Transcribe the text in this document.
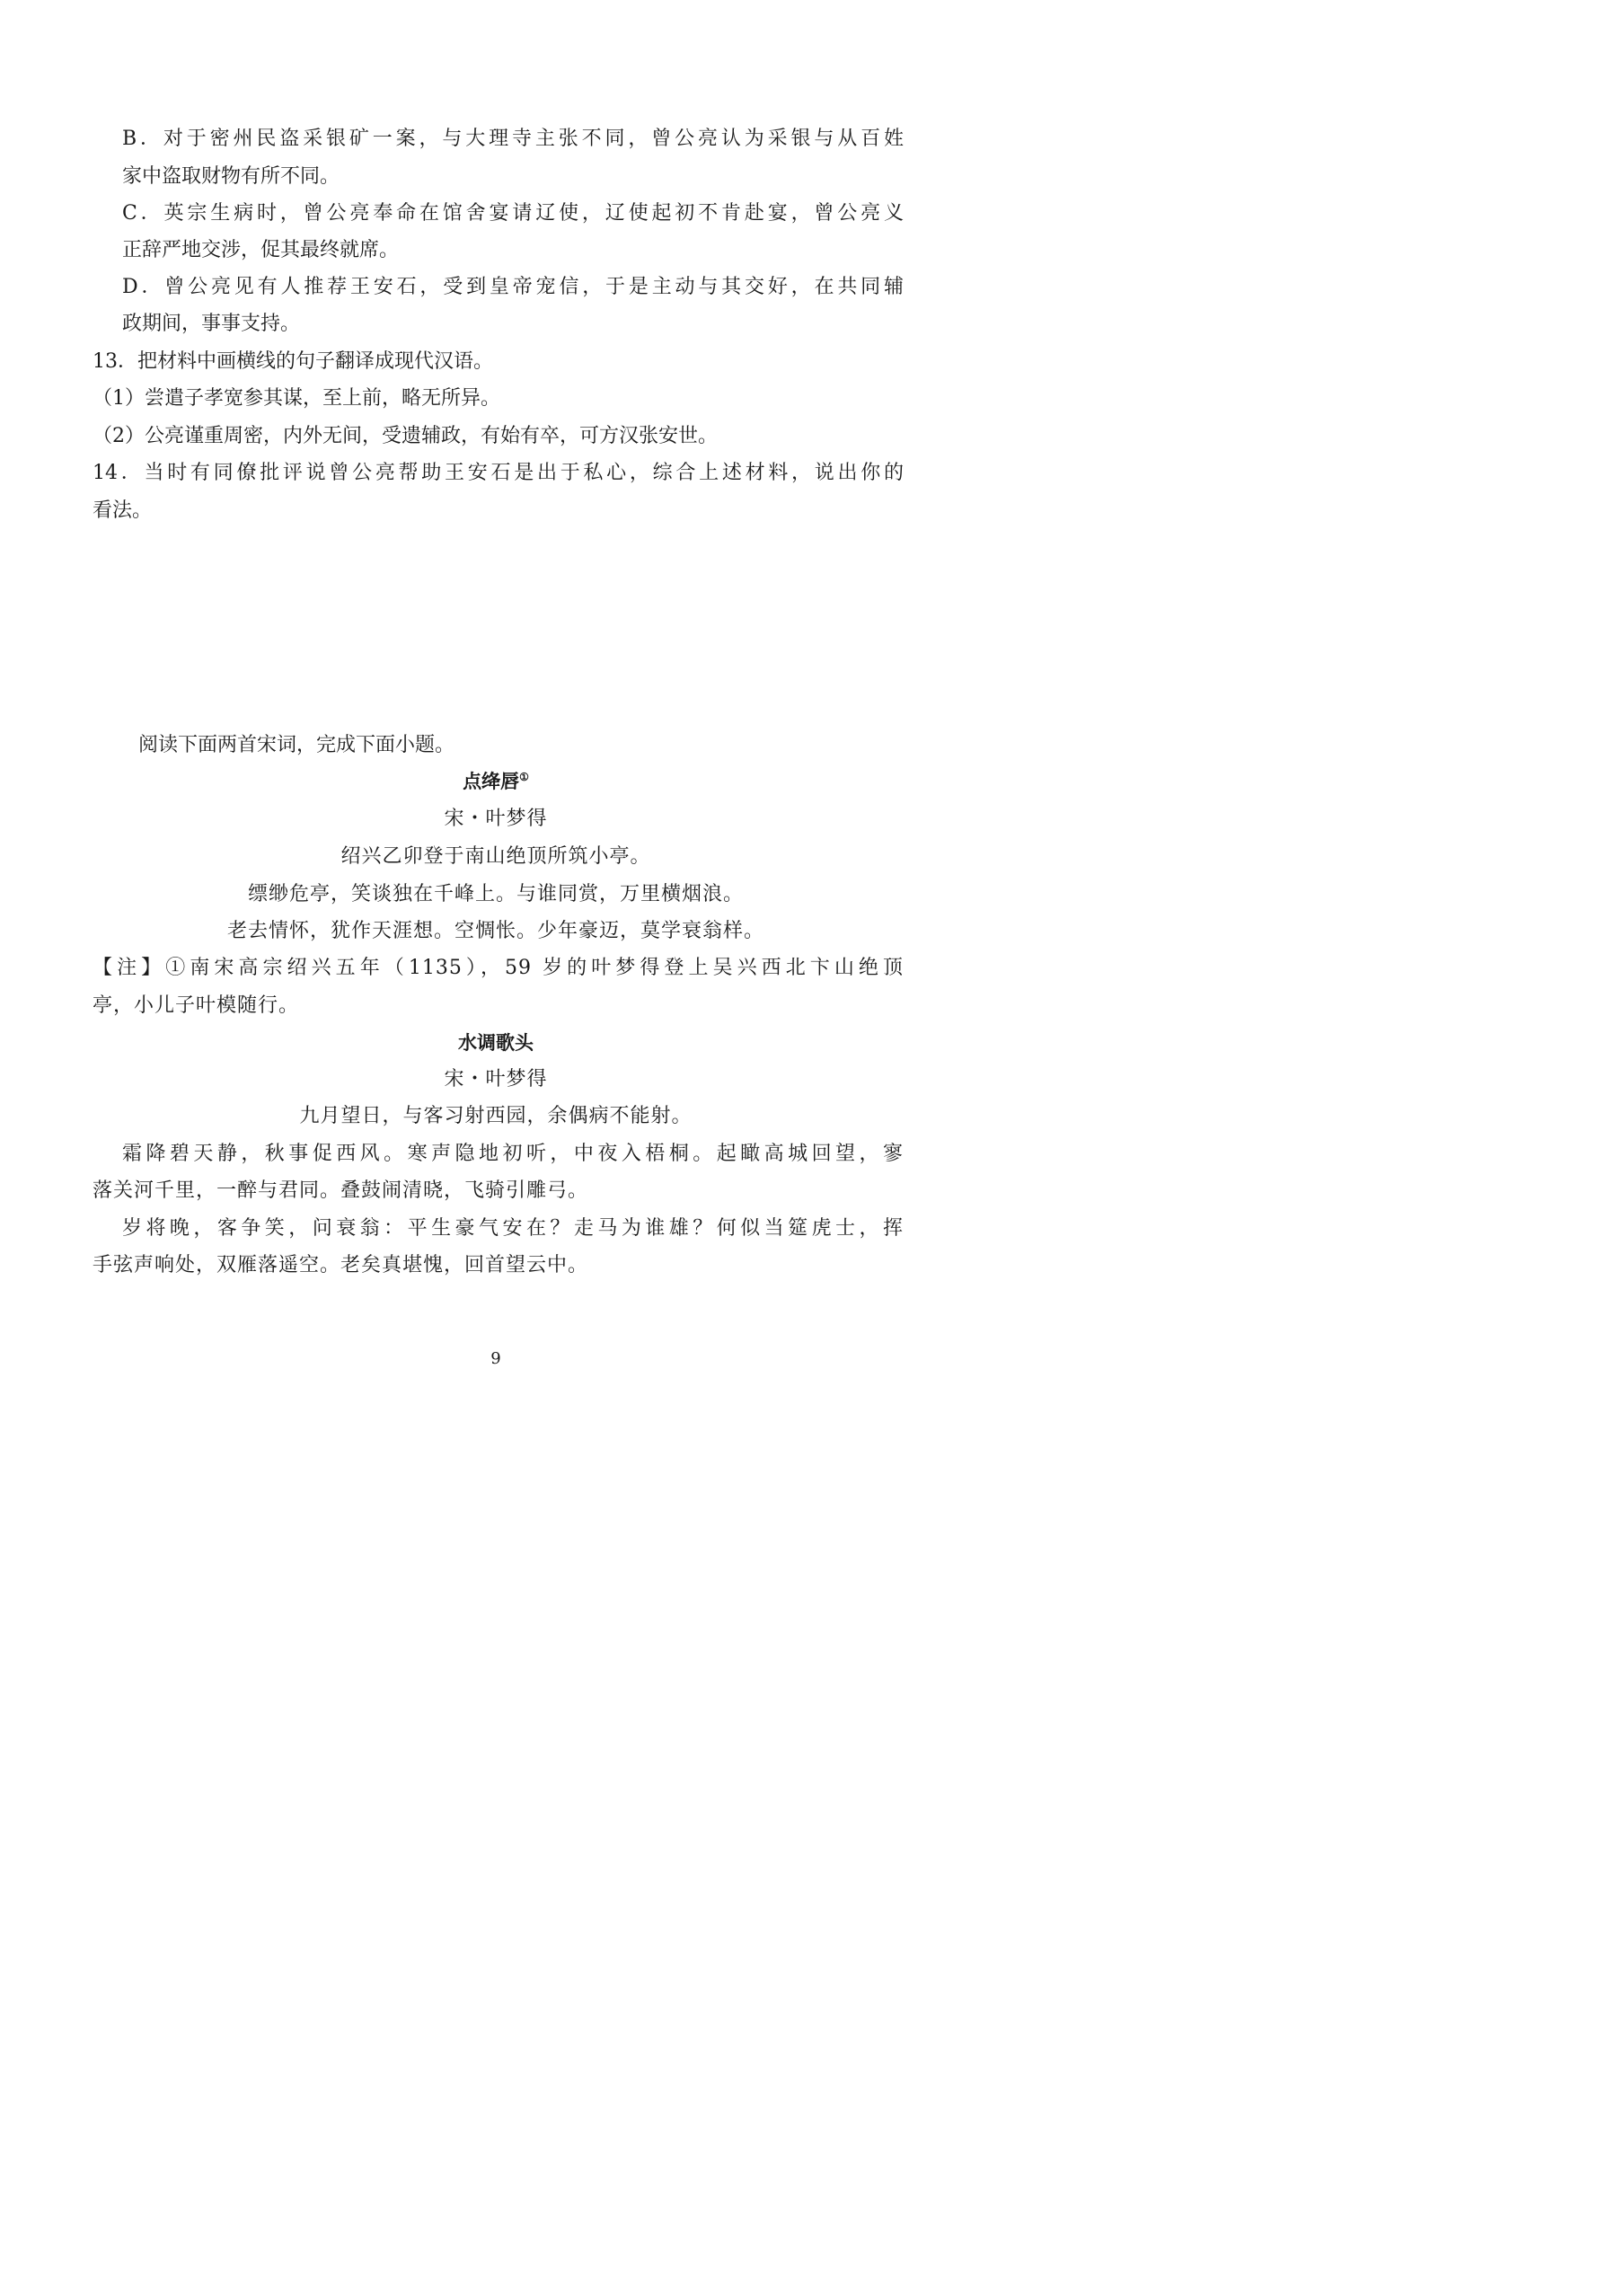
B．对于密州民盗采银矿一案，与大理寺主张不同，曾公亮认为采银与从百姓
家中盗取财物有所不同。
C．英宗生病时，曾公亮奉命在馆舍宴请辽使，辽使起初不肯赴宴，曾公亮义
正辞严地交涉，促其最终就席。
D．曾公亮见有人推荐王安石，受到皇帝宠信，于是主动与其交好，在共同辅
政期间，事事支持。
13．把材料中画横线的句子翻译成现代汉语。
（1）尝遣子孝宽参其谋，至上前，略无所异。
（2）公亮谨重周密，内外无间，受遗辅政，有始有卒，可方汉张安世。
14．当时有同僚批评说曾公亮帮助王安石是出于私心，综合上述材料，说出你的
看法。
阅读下面两首宋词，完成下面小题。
点绛唇①
宋・叶梦得
绍兴乙卯登于南山绝顶所筑小亭。
缥缈危亭，笑谈独在千峰上。与谁同赏，万里横烟浪。
老去情怀，犹作天涯想。空惆怅。少年豪迈，莫学衰翁样。
【注】①南宋高宗绍兴五年（1135），59 岁的叶梦得登上吴兴西北卞山绝顶
亭，小儿子叶模随行。
水调歌头
宋・叶梦得
九月望日，与客习射西园，余偶病不能射。
霜降碧天静，秋事促西风。寒声隐地初听，中夜入梧桐。起瞰高城回望，寥
落关河千里，一醉与君同。叠鼓闹清晓，飞骑引雕弓。
岁将晚，客争笑，问衰翁：平生豪气安在？走马为谁雄？何似当筵虎士，挥
手弦声响处，双雁落遥空。老矣真堪愧，回首望云中。
9
